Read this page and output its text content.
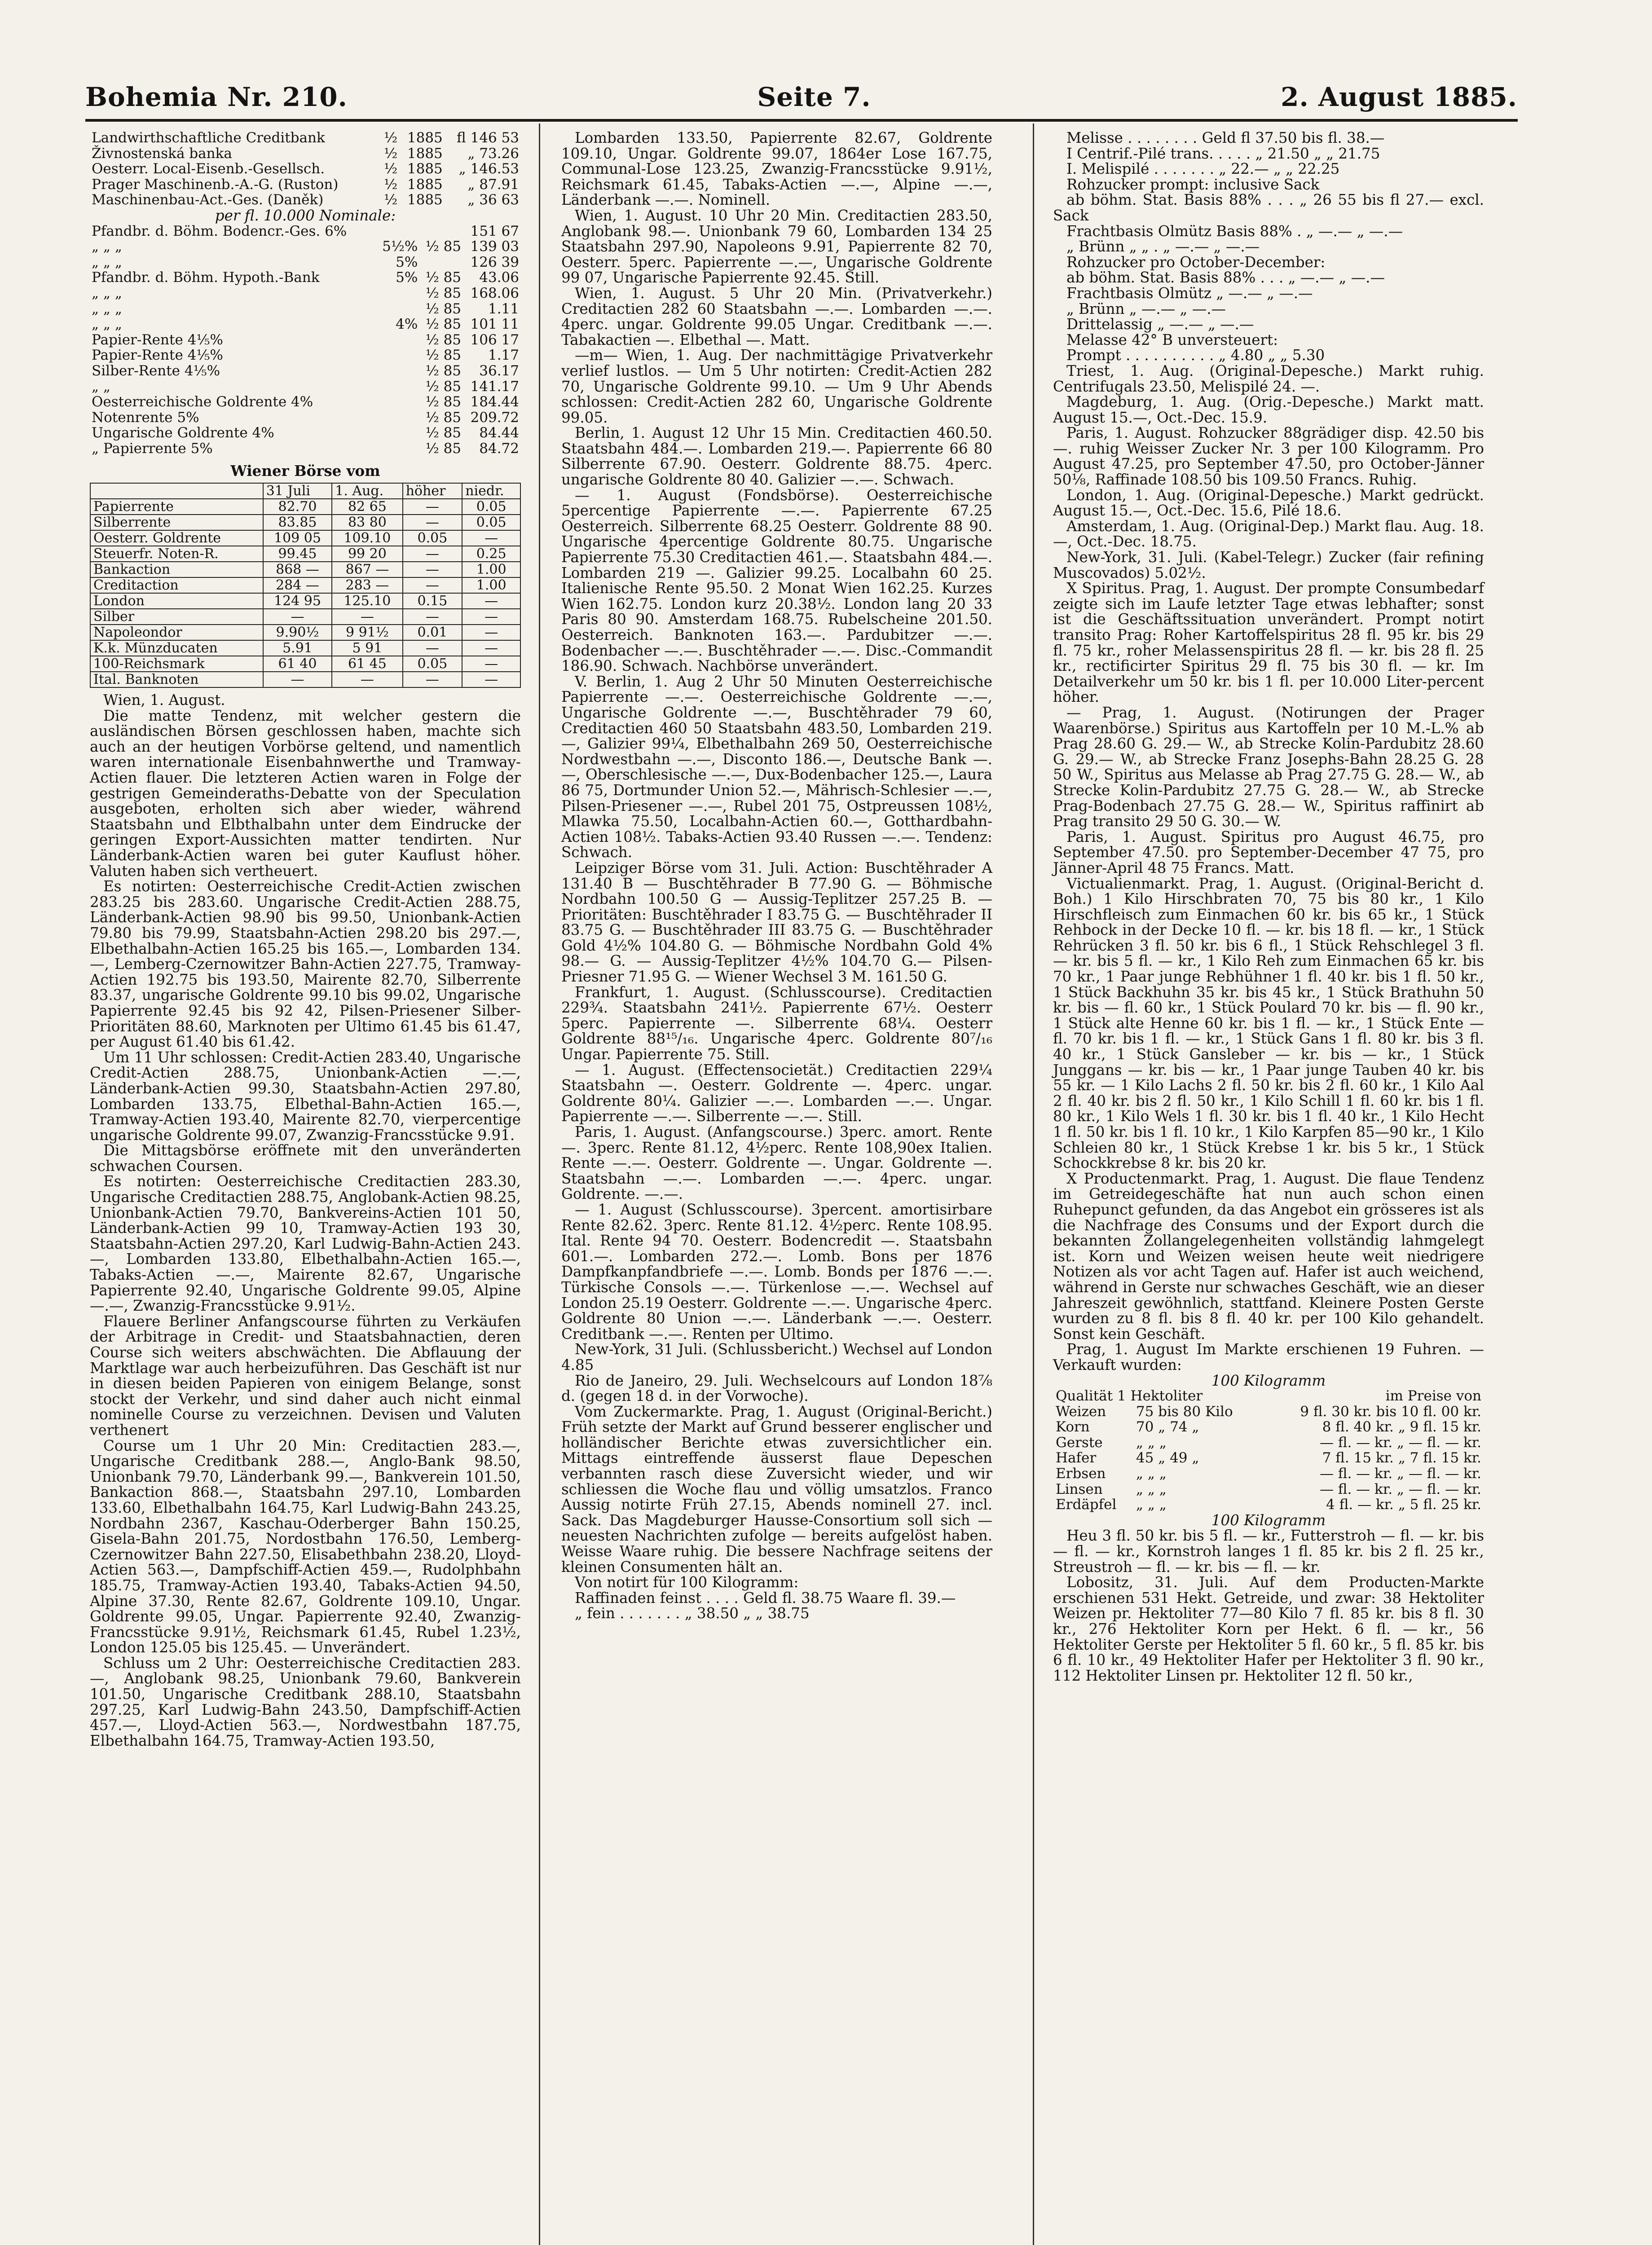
Bohemia Nr. 210.	Seite 7.	2. August 1885.
Landwirthschaftliche Creditbank	½	1885	fl 146 53
Živnostenská banka	½	1885	„ 73.26
Oesterr. Local-Eisenb.-Gesellsch.	½	1885	„ 146.53
Prager Maschinenb.-A.-G. (Ruston)	½	1885	„ 87.91
Maschinenbau-Act.-Ges. (Daněk)	½	1885	„ 36 63

per fl. 10.000 Nominale:

Pfandbr. d. Böhm. Bodencr.-Ges. 6%			151 67
„ „ „	5½%	½ 85	139 03
„ „ „	5%		126 39
Pfandbr. d. Böhm. Hypoth.-Bank	5%	½ 85	43.06
„ „ „		½ 85	168.06
„ „ „		½ 85	1.11
„ „ „	4%	½ 85	101 11
Papier-Rente 4⅕%		½ 85	106 17
Papier-Rente 4⅕%		½ 85	1.17
Silber-Rente 4⅕%		½ 85	36.17
„ „		½ 85	141.17
Oesterreichische Goldrente 4%		½ 85	184.44
Notenrente 5%		½ 85	209.72
Ungarische Goldrente 4%		½ 85	84.44
„ Papierrente 5%		½ 85	84.72
Wiener Börse vom
	31 Juli	1. Aug.	höher	niedr.
Papierrente	82.70	82 65	—	0.05
Silberrente	83.85	83 80	—	0.05
Oesterr. Goldrente	109 05	109.10	0.05	—
Steuerfr. Noten-R.	99.45	99 20	—	0.25
Bankaction	868 —	867 —	—	1.00
Creditaction	284 —	283 —	—	1.00
London	124 95	125.10	0.15	—
Silber	—	—	—	—
Napoleondor	9.90½	9 91½	0.01	—
K.k. Münzducaten	5.91	5 91	—	—
100-Reichsmark	61 40	61 45	0.05	—
Ital. Banknoten	—	—	—	—

Wien, 1. August.

Die matte Tendenz, mit welcher gestern die ausländischen Börsen geschlossen haben, machte sich auch an der heutigen Vorbörse geltend, und namentlich waren internationale Eisenbahnwerthe und Tramway-Actien flauer. Die letzteren Actien waren in Folge der gestrigen Gemeinderaths-Debatte von der Speculation ausgeboten, erholten sich aber wieder, während Staatsbahn und Elbthalbahn unter dem Eindrucke der geringen Export-Aussichten matter tendirten. Nur Länderbank-Actien waren bei guter Kauflust höher. Valuten haben sich vertheuert.

Es notirten: Oesterreichische Credit-Actien zwischen 283.25 bis 283.60. Ungarische Credit-Actien 288.75, Länderbank-Actien 98.90 bis 99.50, Unionbank-Actien 79.80 bis 79.99, Staatsbahn-Actien 298.20 bis 297.—, Elbethalbahn-Actien 165.25 bis 165.—, Lombarden 134.—, Lemberg-Czernowitzer Bahn-Actien 227.75, Tramway-Actien 192.75 bis 193.50, Mairente 82.70, Silberrente 83.37, ungarische Goldrente 99.10 bis 99.02, Ungarische Papierrente 92.45 bis 92 42, Pilsen-Priesener Silber-Prioritäten 88.60, Marknoten per Ultimo 61.45 bis 61.47, per August 61.40 bis 61.42.

Um 11 Uhr schlossen: Credit-Actien 283.40, Ungarische Credit-Actien 288.75, Unionbank-Actien —.—, Länderbank-Actien 99.30, Staatsbahn-Actien 297.80, Lombarden 133.75, Elbethal-Bahn-Actien 165.—, Tramway-Actien 193.40, Mairente 82.70, vierpercentige ungarische Goldrente 99.07, Zwanzig-Francsstücke 9.91.

Die Mittagsbörse eröffnete mit den unveränderten schwachen Coursen.

Es notirten: Oesterreichische Creditactien 283.30, Ungarische Creditactien 288.75, Anglobank-Actien 98.25, Unionbank-Actien 79.70, Bankvereins-Actien 101 50, Länderbank-Actien 99 10, Tramway-Actien 193 30, Staatsbahn-Actien 297.20, Karl Ludwig-Bahn-Actien 243.—, Lombarden 133.80, Elbethalbahn-Actien 165.—, Tabaks-Actien —.—, Mairente 82.67, Ungarische Papierrente 92.40, Ungarische Goldrente 99.05, Alpine —.—, Zwanzig-Francsstücke 9.91½.

Flauere Berliner Anfangscourse führten zu Verkäufen der Arbitrage in Credit- und Staatsbahnactien, deren Course sich weiters abschwächten. Die Abflauung der Marktlage war auch herbeizuführen. Das Geschäft ist nur in diesen beiden Papieren von einigem Belange, sonst stockt der Verkehr, und sind daher auch nicht einmal nominelle Course zu verzeichnen. Devisen und Valuten verthenert

Course um 1 Uhr 20 Min: Creditactien 283.—, Ungarische Creditbank 288.—, Anglo-Bank 98.50, Unionbank 79.70, Länderbank 99.—, Bankverein 101.50, Bankaction 868.—, Staatsbahn 297.10, Lombarden 133.60, Elbethalbahn 164.75, Karl Ludwig-Bahn 243.25, Nordbahn 2367, Kaschau-Oderberger Bahn 150.25, Gisela-Bahn 201.75, Nordostbahn 176.50, Lemberg-Czernowitzer Bahn 227.50, Elisabethbahn 238.20, Lloyd-Actien 563.—, Dampfschiff-Actien 459.—, Rudolphbahn 185.75, Tramway-Actien 193.40, Tabaks-Actien 94.50, Alpine 37.30, Rente 82.67, Goldrente 109.10, Ungar. Goldrente 99.05, Ungar. Papierrente 92.40, Zwanzig-Francsstücke 9.91½, Reichsmark 61.45, Rubel 1.23½, London 125.05 bis 125.45. — Unverändert.

Schluss um 2 Uhr: Oesterreichische Creditactien 283.—, Anglobank 98.25, Unionbank 79.60, Bankverein 101.50, Ungarische Creditbank 288.10, Staatsbahn 297.25, Karl Ludwig-Bahn 243.50, Dampfschiff-Actien 457.—, Lloyd-Actien 563.—, Nordwestbahn 187.75, Elbethalbahn 164.75, Tramway-Actien 193.50,

Lombarden 133.50, Papierrente 82.67, Goldrente 109.10, Ungar. Goldrente 99.07, 1864er Lose 167.75, Communal-Lose 123.25, Zwanzig-Francsstücke 9.91½, Reichsmark 61.45, Tabaks-Actien —.—, Alpine —.—, Länderbank —.—. Nominell.

Wien, 1. August. 10 Uhr 20 Min. Creditactien 283.50, Anglobank 98.—. Unionbank 79 60, Lombarden 134 25 Staatsbahn 297.90, Napoleons 9.91, Papierrente 82 70, Oesterr. 5perc. Papierrente —.—, Ungarische Goldrente 99 07, Ungarische Papierrente 92.45. Still.

Wien, 1. August. 5 Uhr 20 Min. (Privatverkehr.) Creditactien 282 60 Staatsbahn —.—. Lombarden —.—. 4perc. ungar. Goldrente 99.05 Ungar. Creditbank —.—. Tabakactien —. Elbethal —. Matt.

—m— Wien, 1. Aug. Der nachmittägige Privatverkehr verlief lustlos. — Um 5 Uhr notirten: Credit-Actien 282 70, Ungarische Goldrente 99.10. — Um 9 Uhr Abends schlossen: Credit-Actien 282 60, Ungarische Goldrente 99.05.

Berlin, 1. August 12 Uhr 15 Min. Creditactien 460.50. Staatsbahn 484.—. Lombarden 219.—. Papierrente 66 80 Silberrente 67.90. Oesterr. Goldrente 88.75. 4perc. ungarische Goldrente 80 40. Galizier —.—. Schwach.

— 1. August (Fondsbörse). Oesterreichische 5percentige Papierrente —.—. Papierrente 67.25 Oesterreich. Silberrente 68.25 Oesterr. Goldrente 88 90. Ungarische 4percentige Goldrente 80.75. Ungarische Papierrente 75.30 Creditactien 461.—. Staatsbahn 484.—. Lombarden 219 —. Galizier 99.25. Localbahn 60 25. Italienische Rente 95.50. 2 Monat Wien 162.25. Kurzes Wien 162.75. London kurz 20.38½. London lang 20 33 Paris 80 90. Amsterdam 168.75. Rubelscheine 201.50. Oesterreich. Banknoten 163.—. Pardubitzer —.—. Bodenbacher —.—. Buschtěhrader —.—. Disc.-Commandit 186.90. Schwach. Nachbörse unverändert.

V. Berlin, 1. Aug 2 Uhr 50 Minuten Oesterreichische Papierrente —.—. Oesterreichische Goldrente —.—, Ungarische Goldrente —.—, Buschtěhrader 79 60, Creditactien 460 50 Staatsbahn 483.50, Lombarden 219.—, Galizier 99¼, Elbethalbahn 269 50, Oesterreichische Nordwestbahn —.—, Disconto 186.—, Deutsche Bank —.—, Oberschlesische —.—, Dux-Bodenbacher 125.—, Laura 86 75, Dortmunder Union 52.—, Mährisch-Schlesier —.—, Pilsen-Priesener —.—, Rubel 201 75, Ostpreussen 108½, Mlawka 75.50, Localbahn-Actien 60.—, Gotthardbahn-Actien 108½. Tabaks-Actien 93.40 Russen —.—. Tendenz: Schwach.

Leipziger Börse vom 31. Juli. Action: Buschtěhrader A 131.40 B — Buschtěhrader B 77.90 G. — Böhmische Nordbahn 100.50 G — Aussig-Teplitzer 257.25 B. — Prioritäten: Buschtěhrader I 83.75 G. — Buschtěhrader II 83.75 G. — Buschtěhrader III 83.75 G. — Buschtěhrader Gold 4½% 104.80 G. — Böhmische Nordbahn Gold 4% 98.— G. — Aussig-Teplitzer 4½% 104.70 G.— Pilsen-Priesner 71.95 G. — Wiener Wechsel 3 M. 161.50 G.

Frankfurt, 1. August. (Schlusscourse). Creditactien 229¾. Staatsbahn 241½. Papierrente 67½. Oesterr 5perc. Papierrente —. Silberrente 68¼. Oesterr Goldrente 88¹⁵/₁₆. Ungarische 4perc. Goldrente 80⁷/₁₆ Ungar. Papierrente 75. Still.

— 1. August. (Effectensocietät.) Creditactien 229¼ Staatsbahn —. Oesterr. Goldrente —. 4perc. ungar. Goldrente 80¼. Galizier —.—. Lombarden —.—. Ungar. Papierrente —.—. Silberrente —.—. Still.

Paris, 1. August. (Anfangscourse.) 3perc. amort. Rente —. 3perc. Rente 81.12, 4½perc. Rente 108,90ex Italien. Rente —.—. Oesterr. Goldrente —. Ungar. Goldrente —. Staatsbahn —.—. Lombarden —.—. 4perc. ungar. Goldrente. —.—.

— 1. August (Schlusscourse). 3percent. amortisirbare Rente 82.62. 3perc. Rente 81.12. 4½perc. Rente 108.95. Ital. Rente 94 70. Oesterr. Bodencredit —. Staatsbahn 601.—. Lombarden 272.—. Lomb. Bons per 1876 Dampfkanpfandbriefe —.—. Lomb. Bonds per 1876 —.—. Türkische Consols —.—. Türkenlose —.—. Wechsel auf London 25.19 Oesterr. Goldrente —.—. Ungarische 4perc. Goldrente 80 Union —.—. Länderbank —.—. Oesterr. Creditbank —.—. Renten per Ultimo.

New-York, 31 Juli. (Schlussbericht.) Wechsel auf London 4.85

Rio de Janeiro, 29. Juli. Wechselcours auf London 18⅞ d. (gegen 18 d. in der Vorwoche).

Vom Zuckermarkte. Prag, 1. August (Original-Bericht.) Früh setzte der Markt auf Grund besserer englischer und holländischer Berichte etwas zuversichtlicher ein. Mittags eintreffende äusserst flaue Depeschen verbannten rasch diese Zuversicht wieder, und wir schliessen die Woche flau und völlig umsatzlos. Franco Aussig notirte Früh 27.15, Abends nominell 27. incl. Sack. Das Magdeburger Hausse-Consortium soll sich — neuesten Nachrichten zufolge — bereits aufgelöst haben. Weisse Waare ruhig. Die bessere Nachfrage seitens der kleinen Consumenten hält an.

Von notirt für 100 Kilogramm:

Raffinaden feinst . . . . Geld fl. 38.75 Waare fl. 39.—

„ fein . . . . . . . „ 38.50 „ „ 38.75

Melisse . . . . . . . . Geld fl 37.50 bis fl. 38.—

I Centrif.-Pilé trans. . . . . „ 21.50 „ „ 21.75

I. Melispilé . . . . . . . „ 22.— „ „ 22.25

Rohzucker prompt: inclusive Sack

ab böhm. Stat. Basis 88% . . . „ 26 55 bis fl 27.— excl. Sack

Frachtbasis Olmütz Basis 88% . „ —.— „ —.—

„ Brünn „ „ . „ —.— „ —.—

Rohzucker pro October-December:

ab böhm. Stat. Basis 88% . . . „ —.— „ —.—

Frachtbasis Olmütz „ —.— „ —.—

„ Brünn „ —.— „ —.—

Drittelassig „ —.— „ —.—

Melasse 42° B unversteuert:

Prompt . . . . . . . . . . „ 4.80 „ „ 5.30

Triest, 1. Aug. (Original-Depesche.) Markt ruhig. Centrifugals 23.50, Melispilé 24. —.

Magdeburg, 1. Aug. (Orig.-Depesche.) Markt matt. August 15.—, Oct.-Dec. 15.9.

Paris, 1. August. Rohzucker 88grädiger disp. 42.50 bis —. ruhig Weisser Zucker Nr. 3 per 100 Kilogramm. Pro August 47.25, pro September 47.50, pro October-Jänner 50⅛, Raffinade 108.50 bis 109.50 Francs. Ruhig.

London, 1. Aug. (Original-Depesche.) Markt gedrückt. August 15.—, Oct.-Dec. 15.6, Pilé 18.6.

Amsterdam, 1. Aug. (Original-Dep.) Markt flau. Aug. 18.—, Oct.-Dec. 18.75.

New-York, 31. Juli. (Kabel-Telegr.) Zucker (fair refining Muscovados) 5.02½.

X Spiritus. Prag, 1. August. Der prompte Consumbedarf zeigte sich im Laufe letzter Tage etwas lebhafter; sonst ist die Geschäftssituation unverändert. Prompt notirt transito Prag: Roher Kartoffelspiritus 28 fl. 95 kr. bis 29 fl. 75 kr., roher Melassenspiritus 28 fl. — kr. bis 28 fl. 25 kr., rectificirter Spiritus 29 fl. 75 bis 30 fl. — kr. Im Detailverkehr um 50 kr. bis 1 fl. per 10.000 Liter-percent höher.

— Prag, 1. August. (Notirungen der Prager Waarenbörse.) Spiritus aus Kartoffeln per 10 M.-L.% ab Prag 28.60 G. 29.— W., ab Strecke Kolin-Pardubitz 28.60 G. 29.— W., ab Strecke Franz Josephs-Bahn 28.25 G. 28 50 W., Spiritus aus Melasse ab Prag 27.75 G. 28.— W., ab Strecke Kolin-Pardubitz 27.75 G. 28.— W., ab Strecke Prag-Bodenbach 27.75 G. 28.— W., Spiritus raffinirt ab Prag transito 29 50 G. 30.— W.

Paris, 1. August. Spiritus pro August 46.75, pro September 47.50. pro September-December 47 75, pro Jänner-April 48 75 Francs. Matt.

Victualienmarkt. Prag, 1. August. (Original-Bericht d. Boh.) 1 Kilo Hirschbraten 70, 75 bis 80 kr., 1 Kilo Hirschfleisch zum Einmachen 60 kr. bis 65 kr., 1 Stück Rehbock in der Decke 10 fl. — kr. bis 18 fl. — kr., 1 Stück Rehrücken 3 fl. 50 kr. bis 6 fl., 1 Stück Rehschlegel 3 fl. — kr. bis 5 fl. — kr., 1 Kilo Reh zum Einmachen 65 kr. bis 70 kr., 1 Paar junge Rebhühner 1 fl. 40 kr. bis 1 fl. 50 kr., 1 Stück Backhuhn 35 kr. bis 45 kr., 1 Stück Brathuhn 50 kr. bis — fl. 60 kr., 1 Stück Poulard 70 kr. bis — fl. 90 kr., 1 Stück alte Henne 60 kr. bis 1 fl. — kr., 1 Stück Ente — fl. 70 kr. bis 1 fl. — kr., 1 Stück Gans 1 fl. 80 kr. bis 3 fl. 40 kr., 1 Stück Gansleber — kr. bis — kr., 1 Stück Junggans — kr. bis — kr., 1 Paar junge Tauben 40 kr. bis 55 kr. — 1 Kilo Lachs 2 fl. 50 kr. bis 2 fl. 60 kr., 1 Kilo Aal 2 fl. 40 kr. bis 2 fl. 50 kr., 1 Kilo Schill 1 fl. 60 kr. bis 1 fl. 80 kr., 1 Kilo Wels 1 fl. 30 kr. bis 1 fl. 40 kr., 1 Kilo Hecht 1 fl. 50 kr. bis 1 fl. 10 kr., 1 Kilo Karpfen 85—90 kr., 1 Kilo Schleien 80 kr., 1 Stück Krebse 1 kr. bis 5 kr., 1 Stück Schockkrebse 8 kr. bis 20 kr.

X Productenmarkt. Prag, 1. August. Die flaue Tendenz im Getreidegeschäfte hat nun auch schon einen Ruhepunct gefunden, da das Angebot ein grösseres ist als die Nachfrage des Consums und der Export durch die bekannten Zollangelegenheiten vollständig lahmgelegt ist. Korn und Weizen weisen heute weit niedrigere Notizen als vor acht Tagen auf. Hafer ist auch weichend, während in Gerste nur schwaches Geschäft, wie an dieser Jahreszeit gewöhnlich, stattfand. Kleinere Posten Gerste wurden zu 8 fl. bis 8 fl. 40 kr. per 100 Kilo gehandelt. Sonst kein Geschäft.

Prag, 1. August Im Markte erschienen 19 Fuhren. — Verkauft wurden:

100 Kilogramm

Qualität 1 Hektoliter		im Preise von
Weizen	75 bis 80 Kilo	9 fl. 30 kr. bis 10 fl. 00 kr.
Korn	70 „ 74 „	8 fl. 40 kr. „ 9 fl. 15 kr.
Gerste	„ „ „	— fl. — kr. „ — fl. — kr.
Hafer	45 „ 49 „	7 fl. 15 kr. „ 7 fl. 15 kr.
Erbsen	„ „ „	— fl. — kr. „ — fl. — kr.
Linsen	„ „ „	— fl. — kr. „ — fl. — kr.
Erdäpfel	„ „ „	4 fl. — kr. „ 5 fl. 25 kr.

100 Kilogramm

Heu 3 fl. 50 kr. bis 5 fl. — kr., Futterstroh — fl. — kr. bis — fl. — kr., Kornstroh langes 1 fl. 85 kr. bis 2 fl. 25 kr., Streustroh — fl. — kr. bis — fl. — kr.

Lobositz, 31. Juli. Auf dem Producten-Markte erschienen 531 Hekt. Getreide, und zwar: 38 Hektoliter Weizen pr. Hektoliter 77—80 Kilo 7 fl. 85 kr. bis 8 fl. 30 kr., 276 Hektoliter Korn per Hekt. 6 fl. — kr., 56 Hektoliter Gerste per Hektoliter 5 fl. 60 kr., 5 fl. 85 kr. bis 6 fl. 10 kr., 49 Hektoliter Hafer per Hektoliter 3 fl. 90 kr., 112 Hektoliter Linsen pr. Hektoliter 12 fl. 50 kr.,
